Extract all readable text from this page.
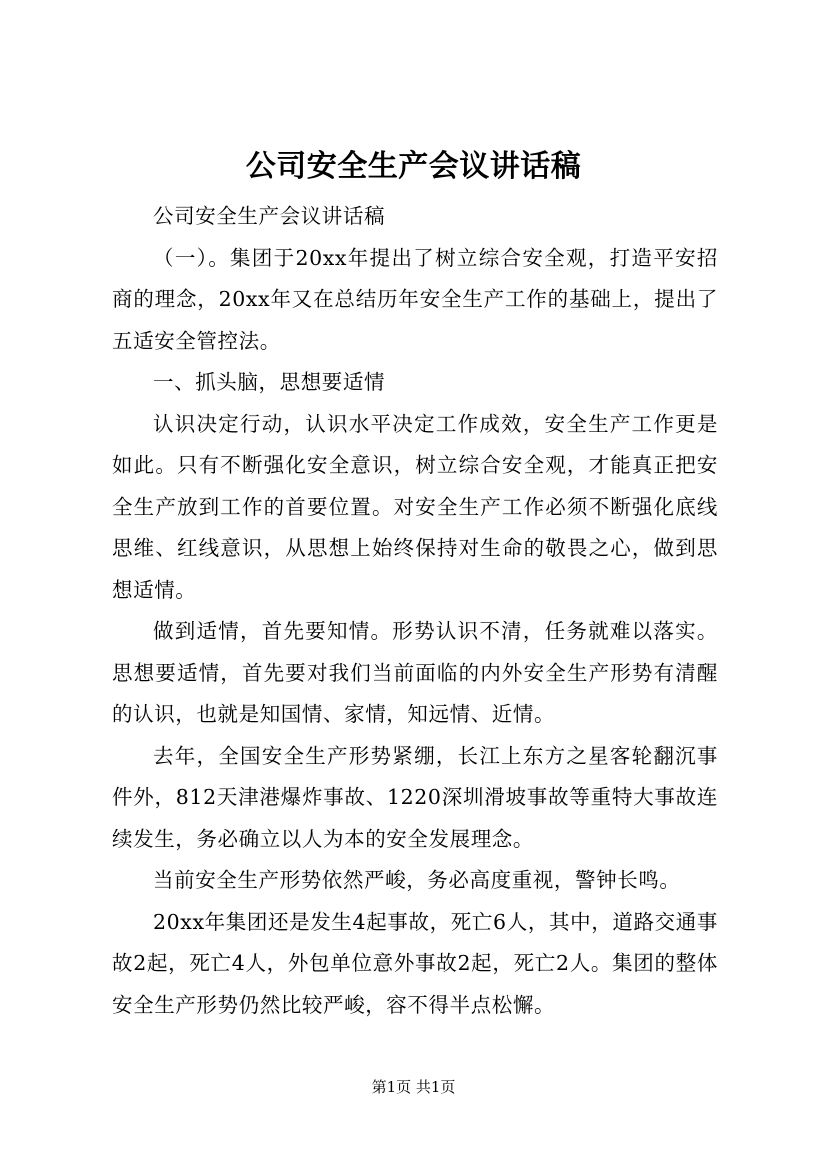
公司安全生产会议讲话稿

公司安全生产会议讲话稿

（一）。集团于20xx年提出了树立综合安全观，打造平安招商的理念，20xx年又在总结历年安全生产工作的基础上，提出了五适安全管控法。

一、抓头脑，思想要适情

认识决定行动，认识水平决定工作成效，安全生产工作更是如此。只有不断强化安全意识，树立综合安全观，才能真正把安全生产放到工作的首要位置。对安全生产工作必须不断强化底线思维、红线意识，从思想上始终保持对生命的敬畏之心，做到思想适情。

做到适情，首先要知情。形势认识不清，任务就难以落实。思想要适情，首先要对我们当前面临的内外安全生产形势有清醒的认识，也就是知国情、家情，知远情、近情。

去年，全国安全生产形势紧绷，长江上东方之星客轮翻沉事件外，812天津港爆炸事故、1220深圳滑坡事故等重特大事故连续发生，务必确立以人为本的安全发展理念。

当前安全生产形势依然严峻，务必高度重视，警钟长鸣。

20xx年集团还是发生4起事故，死亡6人，其中，道路交通事故2起，死亡4人，外包单位意外事故2起，死亡2人。集团的整体安全生产形势仍然比较严峻，容不得半点松懈。

第1页 共1页
